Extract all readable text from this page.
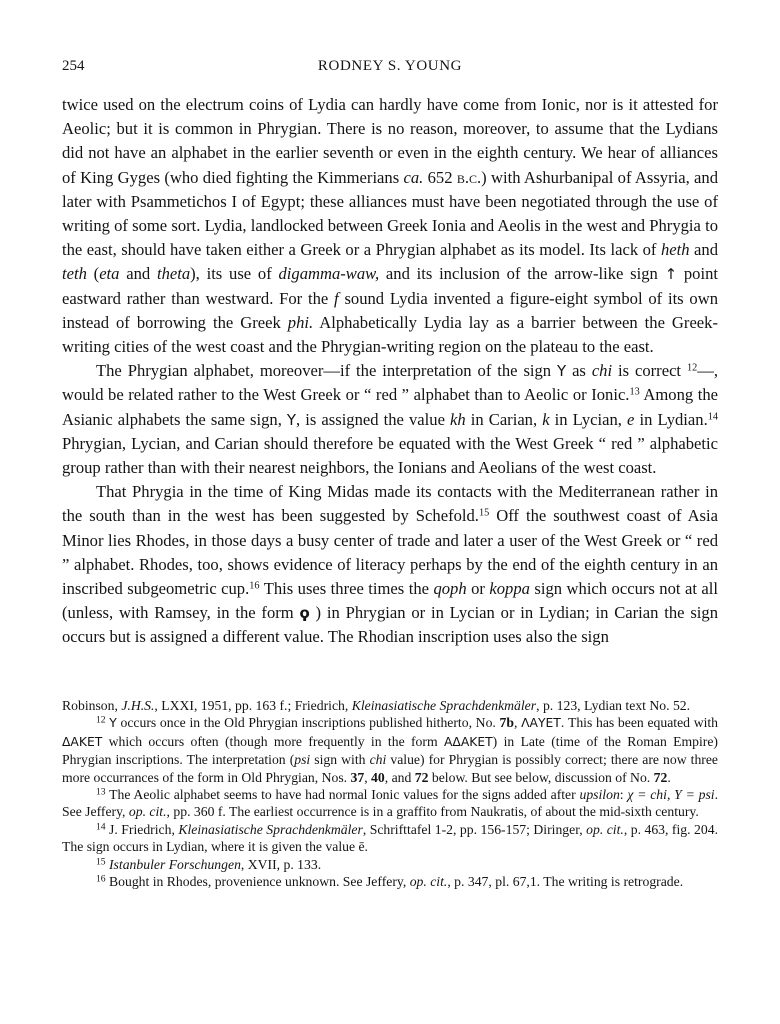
254	RODNEY S. YOUNG

twice used on the electrum coins of Lydia can hardly have come from Ionic, nor is it attested for Aeolic; but it is common in Phrygian. There is no reason, moreover, to assume that the Lydians did not have an alphabet in the earlier seventh or even in the eighth century. We hear of alliances of King Gyges (who died fighting the Kimmerians ca. 652 b.c.) with Ashurbanipal of Assyria, and later with Psammetichos I of Egypt; these alliances must have been negotiated through the use of writing of some sort. Lydia, landlocked between Greek Ionia and Aeolis in the west and Phrygia to the east, should have taken either a Greek or a Phrygian alphabet as its model. Its lack of heth and teth (eta and theta), its use of digamma-waw, and its inclusion of the arrow-like sign ↑ point eastward rather than westward. For the f sound Lydia invented a figure-eight symbol of its own instead of borrowing the Greek phi. Alphabetically Lydia lay as a barrier between the Greek-writing cities of the west coast and the Phrygian-writing region on the plateau to the east.

The Phrygian alphabet, moreover—if the interpretation of the sign Y as chi is correct $^{12}$—, would be related rather to the West Greek or “ red ” alphabet than to Aeolic or Ionic.$^{13}$ Among the Asianic alphabets the same sign, Y, is assigned the value kh in Carian, k in Lycian, e in Lydian.$^{14}$ Phrygian, Lycian, and Carian should therefore be equated with the West Greek “ red ” alphabetic group rather than with their nearest neighbors, the Ionians and Aeolians of the west coast.

That Phrygia in the time of King Midas made its contacts with the Mediterranean rather in the south than in the west has been suggested by Schefold.$^{15}$ Off the southwest coast of Asia Minor lies Rhodes, in those days a busy center of trade and later a user of the West Greek or “ red ” alphabet. Rhodes, too, shows evidence of literacy perhaps by the end of the eighth century in an inscribed subgeometric cup.$^{16}$ This uses three times the qoph or koppa sign which occurs not at all (unless, with Ramsey, in the form ϙ ) in Phrygian or in Lycian or in Lydian; in Carian the sign occurs but is assigned a different value. The Rhodian inscription uses also the sign

Robinson, J.H.S., LXXI, 1951, pp. 163 f.; Friedrich, Kleinasiatische Sprachdenkmäler, p. 123, Lydian text No. 52.

$^{12}$ Y occurs once in the Old Phrygian inscriptions published hitherto, No. 7b, ΛΑΥΕΤ. This has been equated with ΔΑΚΕΤ which occurs often (though more frequently in the form ΑΔΑΚΕΤ) in Late (time of the Roman Empire) Phrygian inscriptions. The interpretation (psi sign with chi value) for Phrygian is possibly correct; there are now three more occurrances of the form in Old Phrygian, Nos. 37, 40, and 72 below. But see below, discussion of No. 72.

$^{13}$ The Aeolic alphabet seems to have had normal Ionic values for the signs added after upsilon: χ = chi, Y = psi. See Jeffery, op. cit., pp. 360 f. The earliest occurrence is in a graffito from Naukratis, of about the mid-sixth century.

$^{14}$ J. Friedrich, Kleinasiatische Sprachdenkmäler, Schrifttafel 1-2, pp. 156-157; Diringer, op. cit., p. 463, fig. 204. The sign occurs in Lydian, where it is given the value ē.

$^{15}$ Istanbuler Forschungen, XVII, p. 133.

$^{16}$ Bought in Rhodes, provenience unknown. See Jeffery, op. cit., p. 347, pl. 67,1. The writing is retrograde.
